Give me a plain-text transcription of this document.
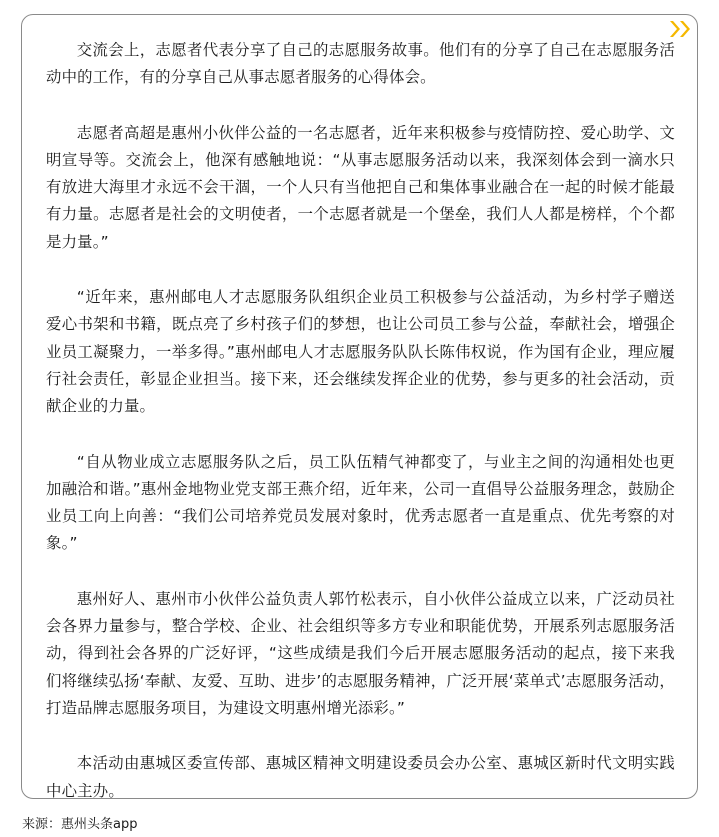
交流会上，志愿者代表分享了自己的志愿服务故事。他们有的分享了自己在志愿服务活动中的工作，有的分享自己从事志愿者服务的心得体会。

志愿者高超是惠州小伙伴公益的一名志愿者，近年来积极参与疫情防控、爱心助学、文明宣导等。交流会上，他深有感触地说：“从事志愿服务活动以来，我深刻体会到一滴水只有放进大海里才永远不会干涸，一个人只有当他把自己和集体事业融合在一起的时候才能最有力量。志愿者是社会的文明使者，一个志愿者就是一个堡垒，我们人人都是榜样，个个都是力量。”

“近年来，惠州邮电人才志愿服务队组织企业员工积极参与公益活动，为乡村学子赠送爱心书架和书籍，既点亮了乡村孩子们的梦想，也让公司员工参与公益，奉献社会，增强企业员工凝聚力，一举多得。”惠州邮电人才志愿服务队队长陈伟权说，作为国有企业，理应履行社会责任，彰显企业担当。接下来，还会继续发挥企业的优势，参与更多的社会活动，贡献企业的力量。

“自从物业成立志愿服务队之后，员工队伍精气神都变了，与业主之间的沟通相处也更加融洽和谐。”惠州金地物业党支部王燕介绍，近年来，公司一直倡导公益服务理念，鼓励企业员工向上向善：“我们公司培养党员发展对象时，优秀志愿者一直是重点、优先考察的对象。”

惠州好人、惠州市小伙伴公益负责人郭竹松表示，自小伙伴公益成立以来，广泛动员社会各界力量参与，整合学校、企业、社会组织等多方专业和职能优势，开展系列志愿服务活动，得到社会各界的广泛好评，“这些成绩是我们今后开展志愿服务活动的起点，接下来我们将继续弘扬‘奉献、友爱、互助、进步’的志愿服务精神，广泛开展‘菜单式’志愿服务活动，打造品牌志愿服务项目，为建设文明惠州增光添彩。”

本活动由惠城区委宣传部、惠城区精神文明建设委员会办公室、惠城区新时代文明实践中心主办。

来源：惠州头条app
